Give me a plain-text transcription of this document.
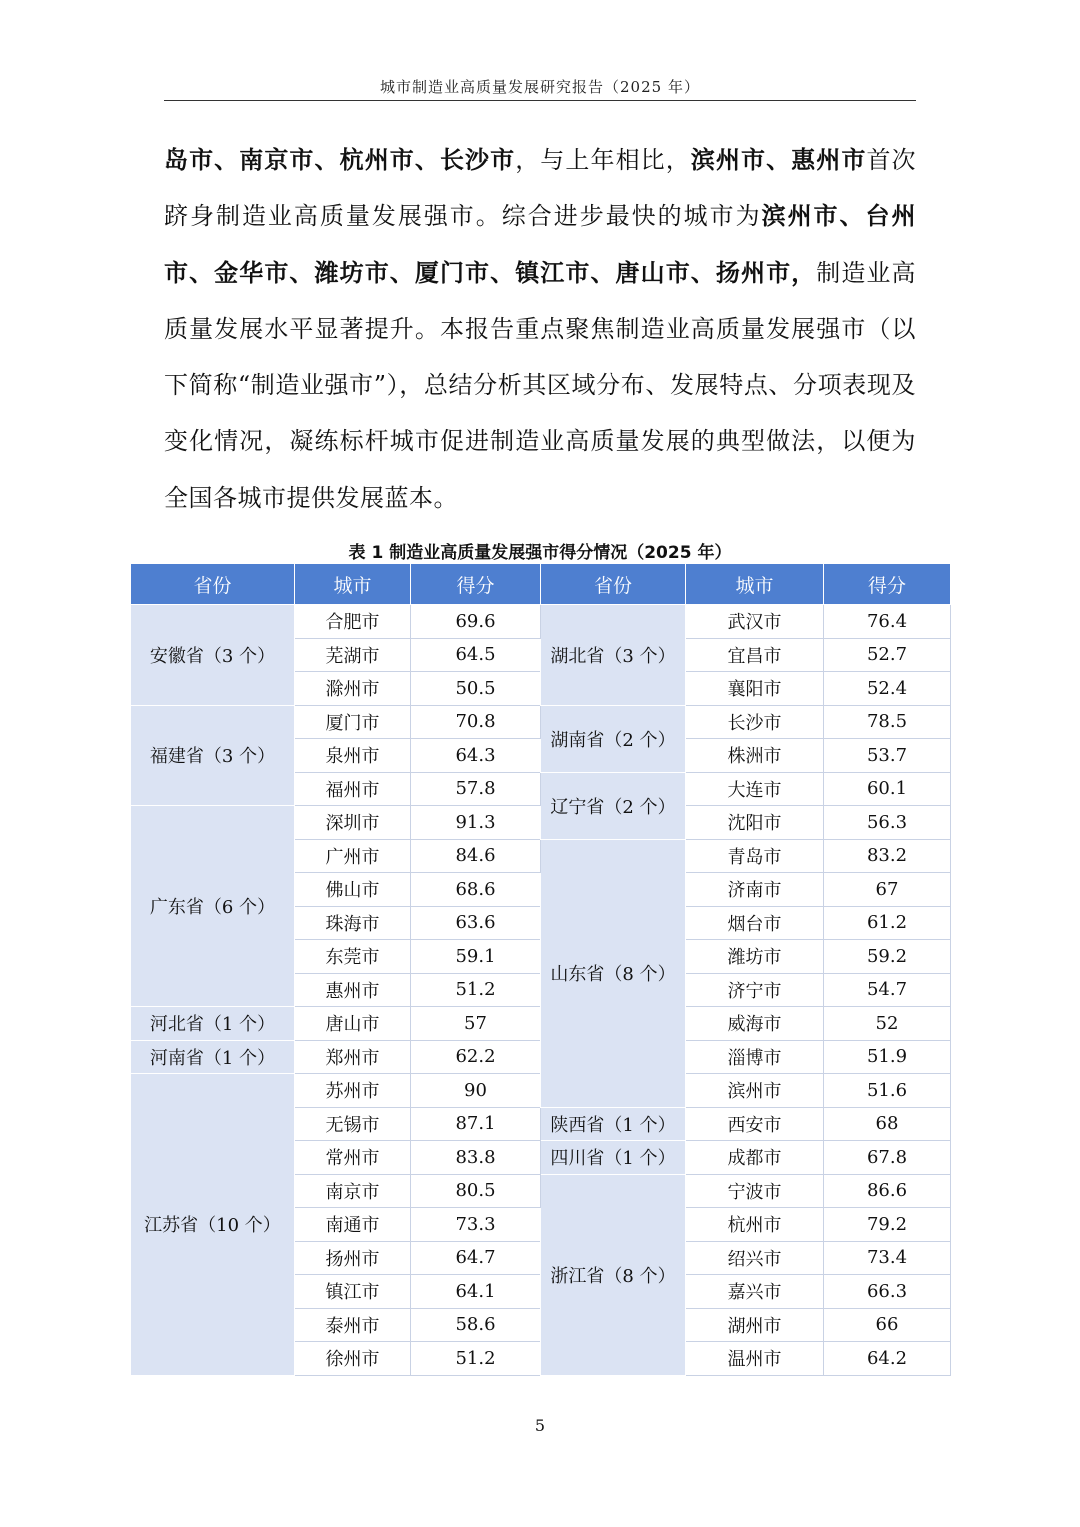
城市制造业高质量发展研究报告（2025 年）

岛市、南京市、杭州市、长沙市，与上年相比，滨州市、惠州市首次跻身制造业高质量发展强市。综合进步最快的城市为滨州市、台州市、金华市、潍坊市、厦门市、镇江市、唐山市、扬州市，制造业高质量发展水平显著提升。本报告重点聚焦制造业高质量发展强市（以下简称“制造业强市”），总结分析其区域分布、发展特点、分项表现及变化情况，凝练标杆城市促进制造业高质量发展的典型做法，以便为全国各城市提供发展蓝本。

表 1 制造业高质量发展强市得分情况（2025 年）
省份	城市	得分	省份	城市	得分
安徽省（3 个）	合肥市	69.6	湖北省（3 个）	武汉市	76.4
	芜湖市	64.5		宜昌市	52.7
	滁州市	50.5		襄阳市	52.4
福建省（3 个）	厦门市	70.8	湖南省（2 个）	长沙市	78.5
	泉州市	64.3		株洲市	53.7
	福州市	57.8	辽宁省（2 个）	大连市	60.1
广东省（6 个）	深圳市	91.3		沈阳市	56.3
	广州市	84.6	山东省（8 个）	青岛市	83.2
	佛山市	68.6		济南市	67
	珠海市	63.6		烟台市	61.2
	东莞市	59.1		潍坊市	59.2
	惠州市	51.2		济宁市	54.7
河北省（1 个）	唐山市	57		威海市	52
河南省（1 个）	郑州市	62.2		淄博市	51.9
江苏省（10 个）	苏州市	90		滨州市	51.6
	无锡市	87.1	陕西省（1 个）	西安市	68
	常州市	83.8	四川省（1 个）	成都市	67.8
	南京市	80.5	浙江省（8 个）	宁波市	86.6
	南通市	73.3		杭州市	79.2
	扬州市	64.7		绍兴市	73.4
	镇江市	64.1		嘉兴市	66.3
	泰州市	58.6		湖州市	66
	徐州市	51.2		温州市	64.2
5
